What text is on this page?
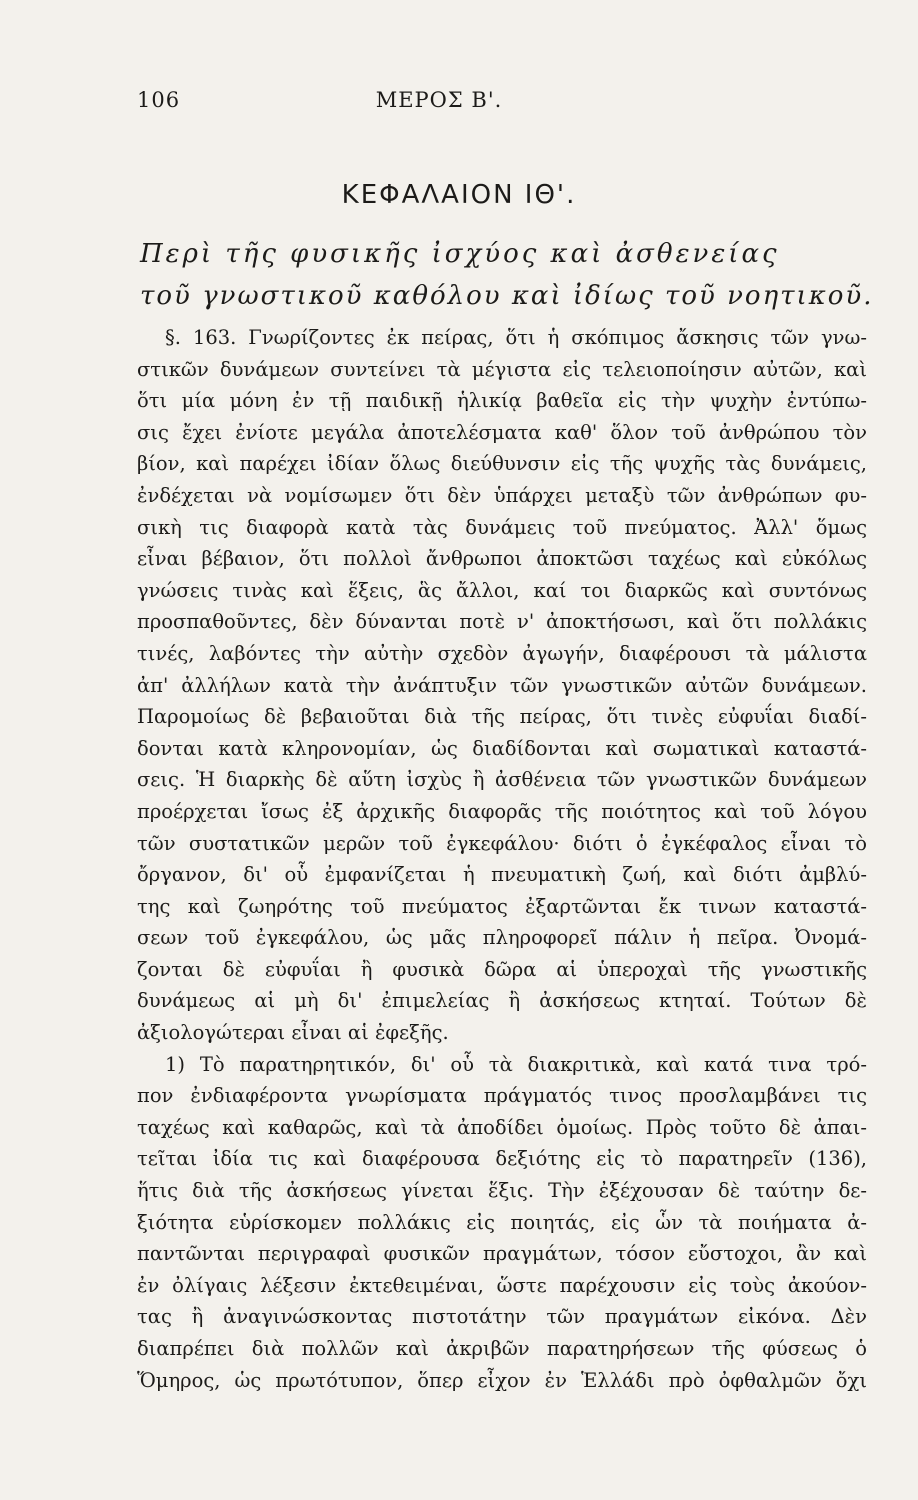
106	ΜΕΡΟΣ Β'.
ΚΕΦΑΛΑΙΟΝ ΙΘ'.
Περὶ τῆς φυσικῆς ἰσχύος καὶ ἀσθενείας
τοῦ γνωστικοῦ καθόλου καὶ ἰδίως τοῦ νοητικοῦ.
§. 163. Γνωρίζοντες ἐκ πείρας, ὅτι ἡ σκόπιμος ἄσκησις τῶν γνω-
στικῶν δυνάμεων συντείνει τὰ μέγιστα εἰς τελειοποίησιν αὐτῶν, καὶ
ὅτι μία μόνη ἐν τῇ παιδικῇ ἡλικίᾳ βαθεῖα εἰς τὴν ψυχὴν ἐντύπω-
σις ἔχει ἐνίοτε μεγάλα ἀποτελέσματα καθ' ὅλον τοῦ ἀνθρώπου τὸν
βίον, καὶ παρέχει ἰδίαν ὅλως διεύθυνσιν εἰς τῆς ψυχῆς τὰς δυνάμεις,
ἐνδέχεται νὰ νομίσωμεν ὅτι δὲν ὑπάρχει μεταξὺ τῶν ἀνθρώπων φυ-
σικὴ τις διαφορὰ κατὰ τὰς δυνάμεις τοῦ πνεύματος. Ἀλλ' ὅμως
εἶναι βέβαιον, ὅτι πολλοὶ ἄνθρωποι ἀποκτῶσι ταχέως καὶ εὐκόλως
γνώσεις τινὰς καὶ ἕξεις, ἃς ἄλλοι, καί τοι διαρκῶς καὶ συντόνως
προσπαθοῦντες, δὲν δύνανται ποτὲ ν' ἀποκτήσωσι, καὶ ὅτι πολλάκις
τινές, λαβόντες τὴν αὐτὴν σχεδὸν ἀγωγήν, διαφέρουσι τὰ μάλιστα
ἀπ' ἀλλήλων κατὰ τὴν ἀνάπτυξιν τῶν γνωστικῶν αὐτῶν δυνάμεων.
Παρομοίως δὲ βεβαιοῦται διὰ τῆς πείρας, ὅτι τινὲς εὐφυΐαι διαδί-
δονται κατὰ κληρονομίαν, ὡς διαδίδονται καὶ σωματικαὶ καταστά-
σεις. Ἡ διαρκὴς δὲ αὕτη ἰσχὺς ἢ ἀσθένεια τῶν γνωστικῶν δυνάμεων
προέρχεται ἴσως ἐξ ἀρχικῆς διαφορᾶς τῆς ποιότητος καὶ τοῦ λόγου
τῶν συστατικῶν μερῶν τοῦ ἐγκεφάλου· διότι ὁ ἐγκέφαλος εἶναι τὸ
ὄργανον, δι' οὗ ἐμφανίζεται ἡ πνευματικὴ ζωή, καὶ διότι ἀμβλύ-
της καὶ ζωηρότης τοῦ πνεύματος ἐξαρτῶνται ἔκ τινων καταστά-
σεων τοῦ ἐγκεφάλου, ὡς μᾶς πληροφορεῖ πάλιν ἡ πεῖρα. Ὀνομά-
ζονται δὲ εὐφυΐαι ἢ φυσικὰ δῶρα αἱ ὑπεροχαὶ τῆς γνωστικῆς
δυνάμεως αἱ μὴ δι' ἐπιμελείας ἢ ἀσκήσεως κτηταί. Τούτων δὲ
ἀξιολογώτεραι εἶναι αἱ ἐφεξῆς.
1) Τὸ παρατηρητικόν, δι' οὗ τὰ διακριτικὰ, καὶ κατά τινα τρό-
πον ἐνδιαφέροντα γνωρίσματα πράγματός τινος προσλαμβάνει τις
ταχέως καὶ καθαρῶς, καὶ τὰ ἀποδίδει ὁμοίως. Πρὸς τοῦτο δὲ ἀπαι-
τεῖται ἰδία τις καὶ διαφέρουσα δεξιότης εἰς τὸ παρατηρεῖν (136),
ἥτις διὰ τῆς ἀσκήσεως γίνεται ἕξις. Τὴν ἐξέχουσαν δὲ ταύτην δε-
ξιότητα εὑρίσκομεν πολλάκις εἰς ποιητάς, εἰς ὧν τὰ ποιήματα ἀ-
παντῶνται περιγραφαὶ φυσικῶν πραγμάτων, τόσον εὔστοχοι, ἂν καὶ
ἐν ὀλίγαις λέξεσιν ἐκτεθειμέναι, ὥστε παρέχουσιν εἰς τοὺς ἀκούον-
τας ἢ ἀναγινώσκοντας πιστοτάτην τῶν πραγμάτων εἰκόνα. Δὲν
διαπρέπει διὰ πολλῶν καὶ ἀκριβῶν παρατηρήσεων τῆς φύσεως ὁ
Ὅμηρος, ὡς πρωτότυπον, ὅπερ εἶχον ἐν Ἑλλάδι πρὸ ὀφθαλμῶν ὄχι
